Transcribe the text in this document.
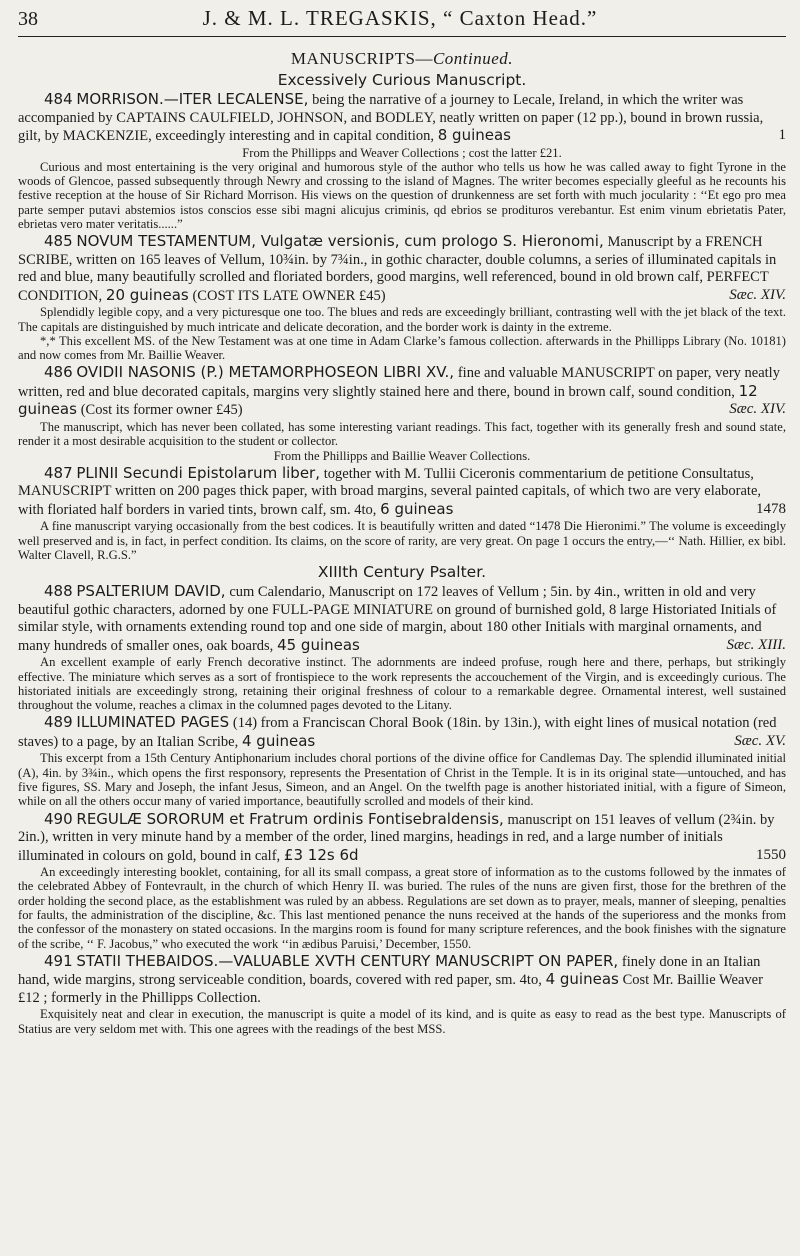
38	J. & M. L. TREGASKIS, “ Caxton Head.”
MANUSCRIPTS—Continued.
Excessively Curious Manuscript.

484 MORRISON.—ITER LECALENSE, being the narrative of a journey to Lecale, Ireland, in which the writer was accompanied by CAPTAINS CAULFIELD, JOHNSON, and BODLEY, neatly written on paper (12 pp.), bound in brown russia, gilt, by MACKENZIE, exceedingly interesting and in capital condition, 8 guineas	1

From the Phillipps and Weaver Collections ; cost the latter £21.

Curious and most entertaining is the very original and humorous style of the author who tells us how he was called away to fight Tyrone in the woods of Glencoe, passed subsequently through Newry and crossing to the island of Magnes. The writer becomes especially gleeful as he recounts his festive reception at the house of Sir Richard Morrison. His views on the question of drunkenness are set forth with much jocularity : ‘‘Et ego pro mea parte semper putavi abstemios istos conscios esse sibi magni alicujus criminis, qd ebrios se prodituros verebantur. Est enim vinum ebrietatis Pater, ebrietas vero mater veritatis......”

485 NOVUM TESTAMENTUM, Vulgatæ versionis, cum prologo S. Hieronomi, Manuscript by a FRENCH SCRIBE, written on 165 leaves of Vellum, 10¾in. by 7¾in., in gothic character, double columns, a series of illuminated capitals in red and blue, many beautifully scrolled and floriated borders, good margins, well referenced, bound in old brown calf, PERFECT CONDITION, 20 guineas (COST ITS LATE OWNER £45)	Sæc. XIV.

Splendidly legible copy, and a very picturesque one too. The blues and reds are exceedingly brilliant, contrasting well with the jet black of the text. The capitals are distinguished by much intricate and delicate decoration, and the border work is dainty in the extreme.

*,* This excellent MS. of the New Testament was at one time in Adam Clarke’s famous collection. afterwards in the Phillipps Library (No. 10181) and now comes from Mr. Baillie Weaver.

486 OVIDII NASONIS (P.) METAMORPHOSEON LIBRI XV., fine and valuable MANUSCRIPT on paper, very neatly written, red and blue decorated capitals, margins very slightly stained here and there, bound in brown calf, sound condition, 12 guineas (Cost its former owner £45)	Sæc. XIV.

The manuscript, which has never been collated, has some interesting variant readings. This fact, together with its generally fresh and sound state, render it a most desirable acquisition to the student or collector.

From the Phillipps and Baillie Weaver Collections.

487 PLINII Secundi Epistolarum liber, together with M. Tullii Ciceronis commentarium de petitione Consultatus, MANUSCRIPT written on 200 pages thick paper, with broad margins, several painted capitals, of which two are very elaborate, with floriated half borders in varied tints, brown calf, sm. 4to, 6 guineas	1478

A fine manuscript varying occasionally from the best codices. It is beautifully written and dated “1478 Die Hieronimi.” The volume is exceedingly well preserved and is, in fact, in perfect condition. Its claims, on the score of rarity, are very great. On page 1 occurs the entry,—‘‘ Nath. Hillier, ex bibl. Walter Clavell, R.G.S.”

XIIIth Century Psalter.

488 PSALTERIUM DAVID, cum Calendario, Manuscript on 172 leaves of Vellum ; 5in. by 4in., written in old and very beautiful gothic characters, adorned by one FULL-PAGE MINIATURE on ground of burnished gold, 8 large Historiated Initials of similar style, with ornaments extending round top and one side of margin, about 180 other Initials with marginal ornaments, and many hundreds of smaller ones, oak boards, 45 guineas	Sæc. XIII.

An excellent example of early French decorative instinct. The adornments are indeed profuse, rough here and there, perhaps, but strikingly effective. The miniature which serves as a sort of frontispiece to the work represents the accouchement of the Virgin, and is exceedingly curious. The historiated initials are exceedingly strong, retaining their original freshness of colour to a remarkable degree. Ornamental interest, well sustained throughout the volume, reaches a climax in the columned pages devoted to the Litany.

489 ILLUMINATED PAGES (14) from a Franciscan Choral Book (18in. by 13in.), with eight lines of musical notation (red staves) to a page, by an Italian Scribe, 4 guineas	Sæc. XV.

This excerpt from a 15th Century Antiphonarium includes choral portions of the divine office for Candlemas Day. The splendid illuminated initial (A), 4in. by 3¾in., which opens the first responsory, represents the Presentation of Christ in the Temple. It is in its original state—untouched, and has five figures, SS. Mary and Joseph, the infant Jesus, Simeon, and an Angel. On the twelfth page is another historiated initial, with a figure of Simeon, while on all the others occur many of varied importance, beautifully scrolled and models of their kind.

490 REGULÆ SORORUM et Fratrum ordinis Fontisebraldensis, manuscript on 151 leaves of vellum (2¾in. by 2in.), written in very minute hand by a member of the order, lined margins, headings in red, and a large number of initials illuminated in colours on gold, bound in calf, £3 12s 6d	1550

An exceedingly interesting booklet, containing, for all its small compass, a great store of information as to the customs followed by the inmates of the celebrated Abbey of Fontevrault, in the church of which Henry II. was buried. The rules of the nuns are given first, those for the brethren of the order holding the second place, as the establishment was ruled by an abbess. Regulations are set down as to prayer, meals, manner of sleeping, penalties for faults, the administration of the discipline, &c. This last mentioned penance the nuns received at the hands of the superioress and the monks from the confessor of the monastery on stated occasions. In the margins room is found for many scripture references, and the book finishes with the signature of the scribe, ‘‘ F. Jacobus,” who executed the work ‘‘in ædibus Paruisi,’ December, 1550.

491 STATII THEBAIDOS.—VALUABLE XVTH CENTURY MANUSCRIPT ON PAPER, finely done in an Italian hand, wide margins, strong serviceable condition, boards, covered with red paper, sm. 4to, 4 guineas Cost Mr. Baillie Weaver £12 ; formerly in the Phillipps Collection.

Exquisitely neat and clear in execution, the manuscript is quite a model of its kind, and is quite as easy to read as the best type. Manuscripts of Statius are very seldom met with. This one agrees with the readings of the best MSS.
